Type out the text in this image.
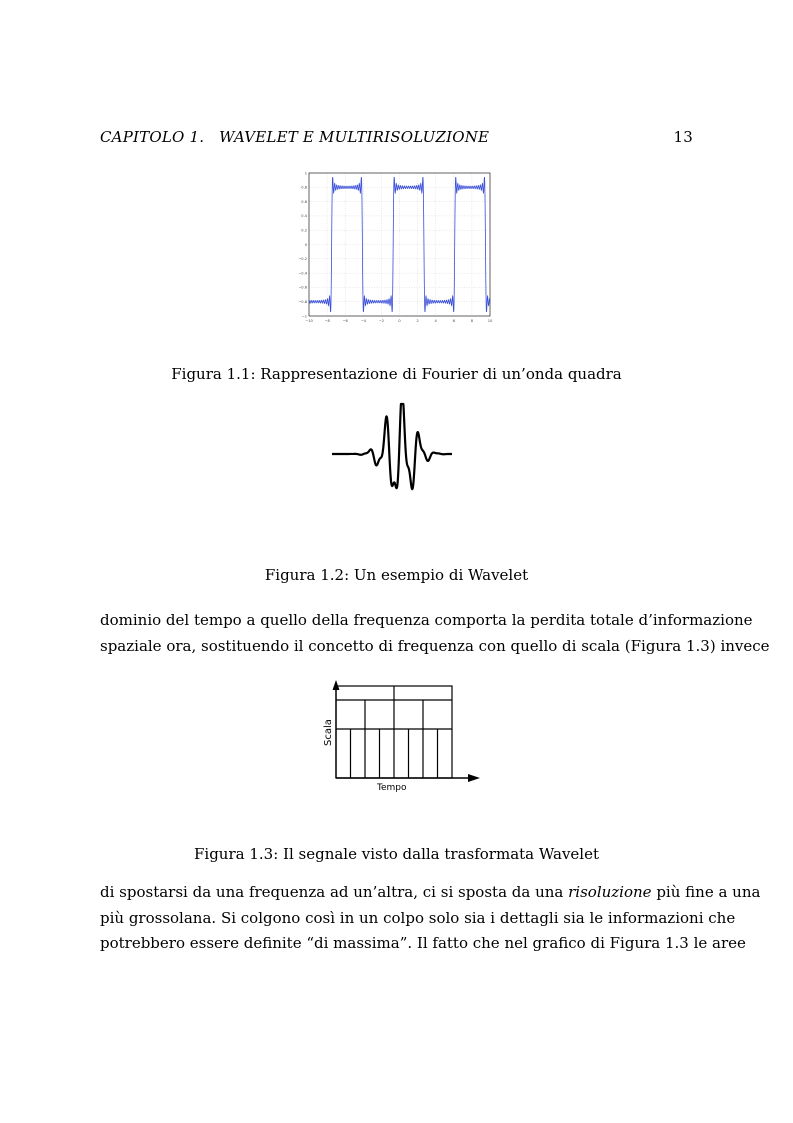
CAPITOLO 1.   WAVELET E MULTIRISOLUZIONE	13
1
0.8
0.6
0.4
0.2
0
−0.2
−0.4
−0.6
−0.8
−1
−10	−8	−6	−4	−2	0	2	4	6	8	10
Figura 1.1: Rappresentazione di Fourier di un’onda quadra
Figura 1.2: Un esempio di Wavelet
dominio del tempo a quello della frequenza comporta la perdita totale d’informazione
spaziale ora, sostituendo il concetto di frequenza con quello di scala (Figura 1.3) invece
Scala
Tempo
Figura 1.3: Il segnale visto dalla trasformata Wavelet
di spostarsi da una frequenza ad un’altra, ci si sposta da una risoluzione più fine a una
più grossolana. Si colgono così in un colpo solo sia i dettagli sia le informazioni che
potrebbero essere definite “di massima”. Il fatto che nel grafico di Figura 1.3 le aree
